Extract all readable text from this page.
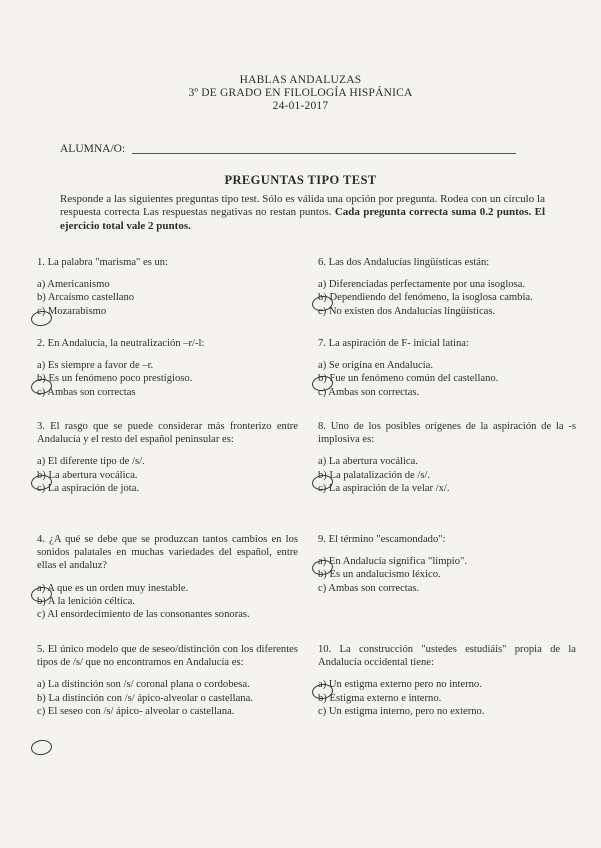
HABLAS ANDALUZAS
3º DE GRADO EN FILOLOGÍA HISPÁNICA
24-01-2017
ALUMNA/O:
PREGUNTAS TIPO TEST
Responde a las siguientes preguntas tipo test. Sólo es válida una opción por pregunta. Rodea con un círculo la respuesta correcta Las respuestas negativas no restan puntos. Cada pregunta correcta suma 0.2 puntos. El ejercicio total vale 2 puntos.
1. La palabra "marisma" es un:
a) Americanismo
b) Arcaísmo castellano
c) Mozarabismo
2. En Andalucía, la neutralización –r/-l:
a) Es siempre a favor de –r.
b) Es un fenómeno poco prestigioso.
c) Ambas son correctas
3. El rasgo que se puede considerar más fronterizo entre Andalucía y el resto del español peninsular es:
a) El diferente tipo de /s/.
b) La abertura vocálica.
c) La aspiración de jota.
4. ¿A qué se debe que se produzcan tantos cambios en los sonidos palatales en muchas variedades del español, entre ellas el andaluz?
a) A que es un orden muy inestable.
b) A la lenición céltica.
c) Al ensordecimiento de las consonantes sonoras.
5. El único modelo que de seseo/distinción con los diferentes tipos de /s/ que no encontramos en Andalucía es:
a) La distinción son /s/ coronal plana o cordobesa.
b) La distinción con /s/ ápico-alveolar o castellana.
c) El seseo con /s/ ápico- alveolar o castellana.
6. Las dos Andalucías lingüísticas están:
a) Diferenciadas perfectamente por una isoglosa.
b) Dependiendo del fenómeno, la isoglosa cambia.
c) No existen dos Andalucías lingüísticas.
7. La aspiración de F- inicial latina:
a) Se origina en Andalucía.
b) Fue un fenómeno común del castellano.
c) Ambas son correctas.
8. Uno de los posibles orígenes de la aspiración de la -s implosiva es:
a) La abertura vocálica.
b) La palatalización de /s/.
c) La aspiración de la velar /x/.
9. El término "escamondado":
a) En Andalucía significa "limpio".
b) Es un andalucismo léxico.
c) Ambas son correctas.
10. La construcción "ustedes estudiáis" propia de la Andalucía occidental tiene:
a) Un estigma externo pero no interno.
b) Estigma externo e interno.
c) Un estigma interno, pero no externo.
